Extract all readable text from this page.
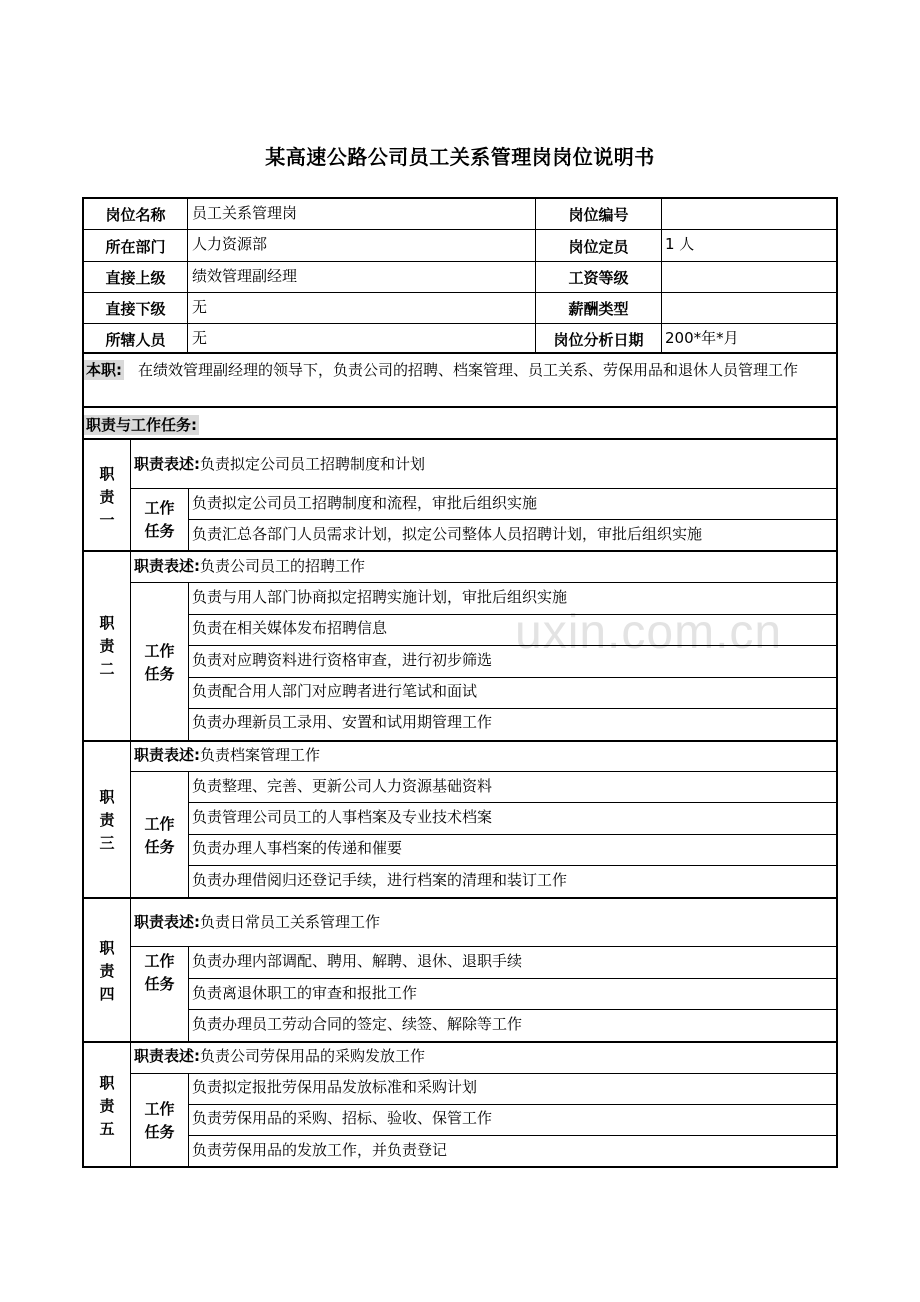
某高速公路公司员工关系管理岗岗位说明书
uxin.com.cn
岗位名称	员工关系管理岗	岗位编号
所在部门	人力资源部	岗位定员	1 人
直接上级	绩效管理副经理	工资等级
直接下级	无	薪酬类型
所辖人员	无	岗位分析日期	200*年*月
本职:	在绩效管理副经理的领导下，负责公司的招聘、档案管理、员工关系、劳保用品和退休人员管理工作
职责与工作任务:
职
责
一
职责表述:负责拟定公司员工招聘制度和计划
工作
任务
负责拟定公司员工招聘制度和流程，审批后组织实施
负责汇总各部门人员需求计划，拟定公司整体人员招聘计划，审批后组织实施
职
责
二
职责表述:负责公司员工的招聘工作
工作
任务
负责与用人部门协商拟定招聘实施计划，审批后组织实施
负责在相关媒体发布招聘信息
负责对应聘资料进行资格审查，进行初步筛选
负责配合用人部门对应聘者进行笔试和面试
负责办理新员工录用、安置和试用期管理工作
职
责
三
职责表述:负责档案管理工作
工作
任务
负责整理、完善、更新公司人力资源基础资料
负责管理公司员工的人事档案及专业技术档案
负责办理人事档案的传递和催要
负责办理借阅归还登记手续，进行档案的清理和装订工作
职
责
四
职责表述:负责日常员工关系管理工作
工作
任务
负责办理内部调配、聘用、解聘、退休、退职手续
负责离退休职工的审查和报批工作
负责办理员工劳动合同的签定、续签、解除等工作
职
责
五
职责表述:负责公司劳保用品的采购发放工作
工作
任务
负责拟定报批劳保用品发放标准和采购计划
负责劳保用品的采购、招标、验收、保管工作
负责劳保用品的发放工作，并负责登记
